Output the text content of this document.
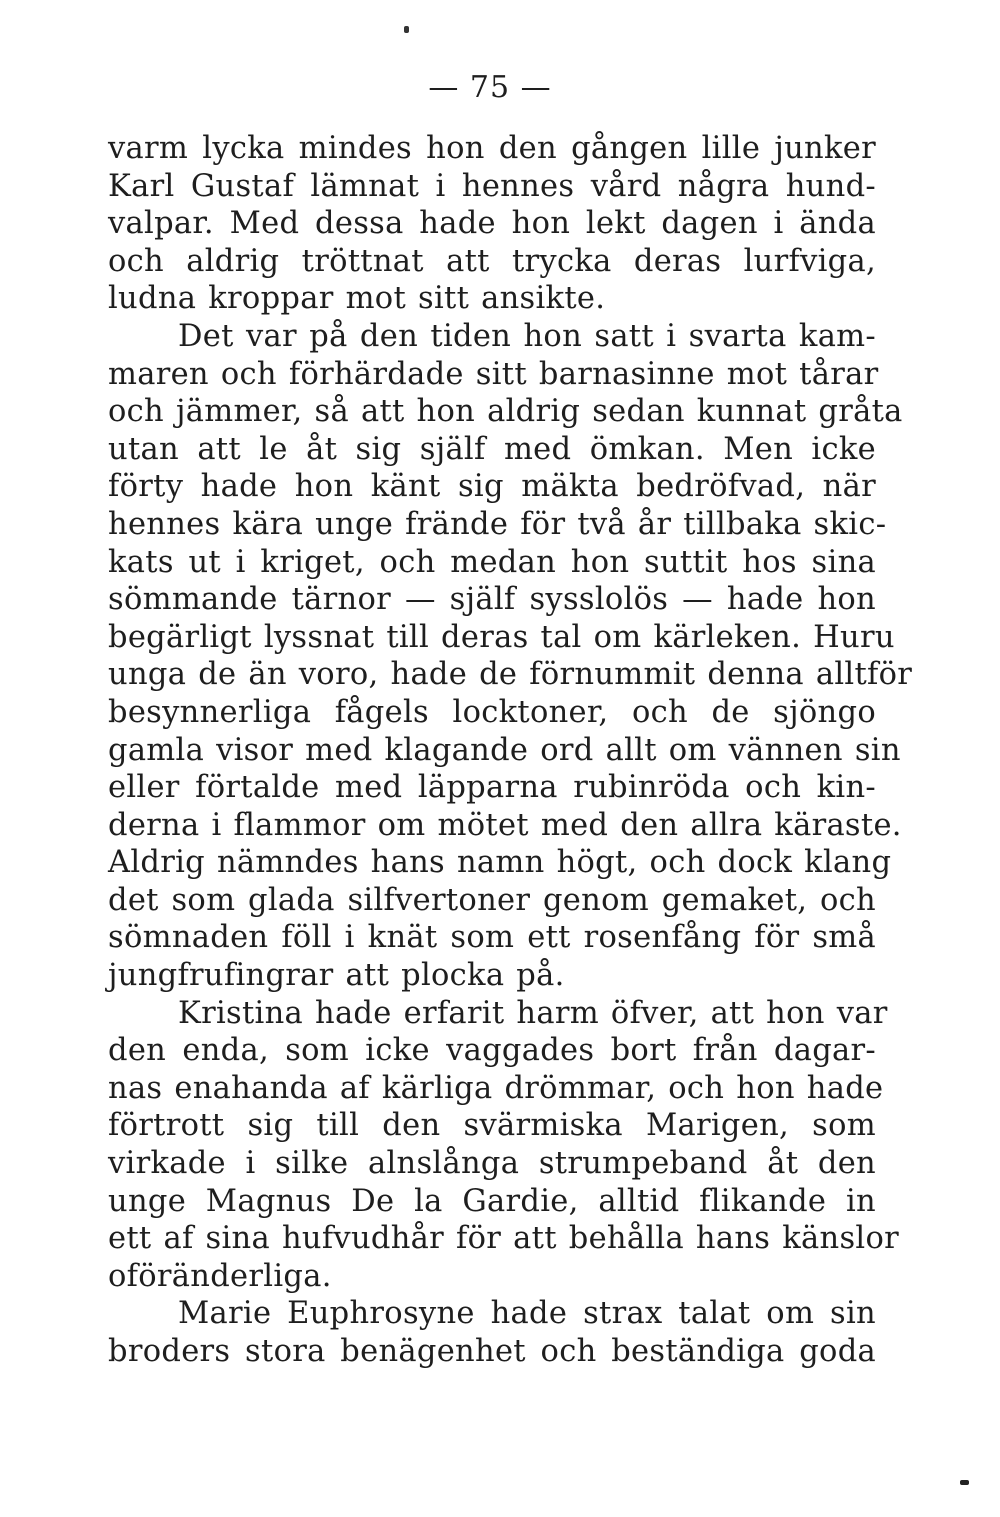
— 75 —
varm lycka mindes hon den gången lille junker
Karl Gustaf lämnat i hennes vård några hund-
valpar. Med dessa hade hon lekt dagen i ända
och aldrig tröttnat att trycka deras lurfviga,
ludna kroppar mot sitt ansikte.
Det var på den tiden hon satt i svarta kam-
maren och förhärdade sitt barnasinne mot tårar
och jämmer, så att hon aldrig sedan kunnat gråta
utan att le åt sig själf med ömkan. Men icke
förty hade hon känt sig mäkta bedröfvad, när
hennes kära unge frände för två år tillbaka skic-
kats ut i kriget, och medan hon suttit hos sina
sömmande tärnor — själf sysslolös — hade hon
begärligt lyssnat till deras tal om kärleken. Huru
unga de än voro, hade de förnummit denna alltför
besynnerliga fågels locktoner, och de sjöngo
gamla visor med klagande ord allt om vännen sin
eller förtalde med läpparna rubinröda och kin-
derna i flammor om mötet med den allra käraste.
Aldrig nämndes hans namn högt, och dock klang
det som glada silfvertoner genom gemaket, och
sömnaden föll i knät som ett rosenfång för små
jungfrufingrar att plocka på.
Kristina hade erfarit harm öfver, att hon var
den enda, som icke vaggades bort från dagar-
nas enahanda af kärliga drömmar, och hon hade
förtrott sig till den svärmiska Marigen, som
virkade i silke alnslånga strumpeband åt den
unge Magnus De la Gardie, alltid flikande in
ett af sina hufvudhår för att behålla hans känslor
oföränderliga.
Marie Euphrosyne hade strax talat om sin
broders stora benägenhet och beständiga goda
